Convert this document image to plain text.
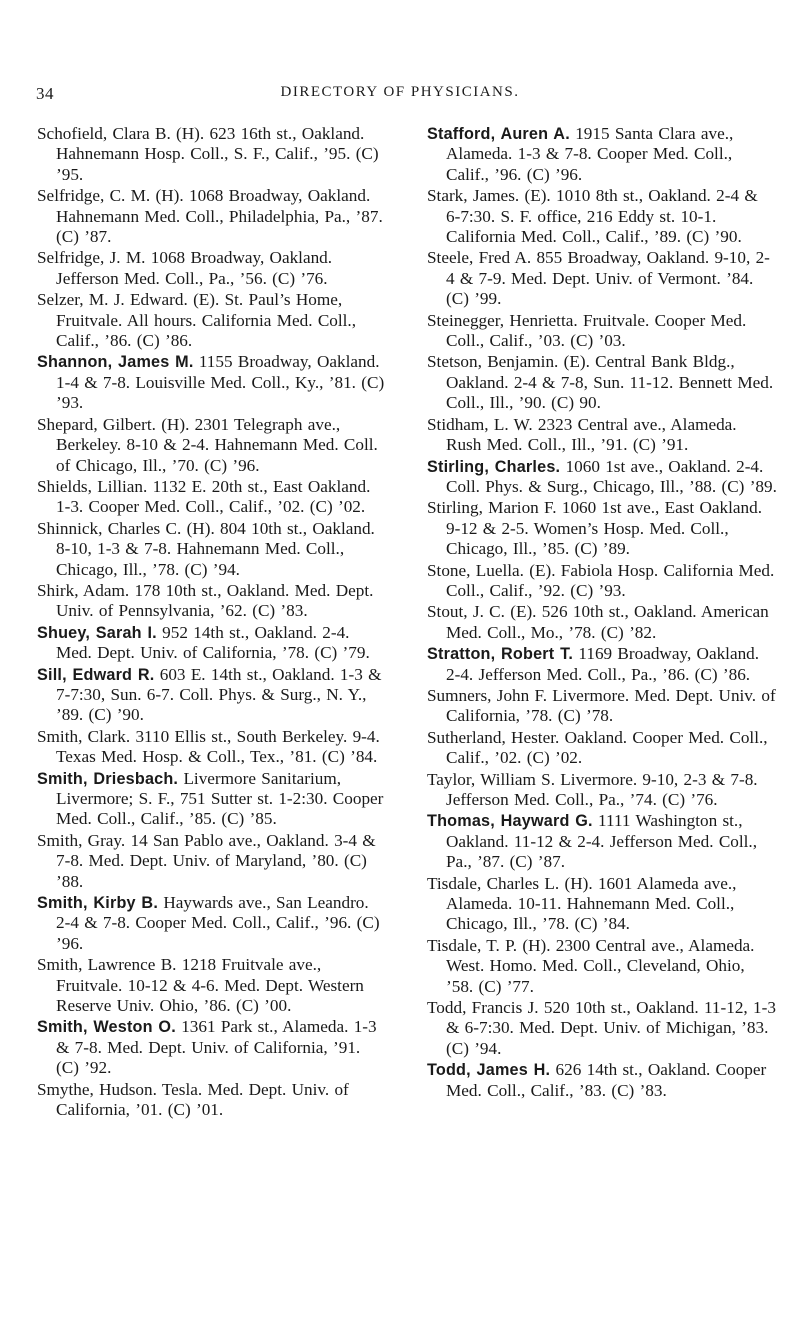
34	DIRECTORY OF PHYSICIANS.

Schofield, Clara B. (H). 623 16th st., Oakland. Hahnemann Hosp. Coll., S. F., Calif., ’95. (C) ’95.

Selfridge, C. M. (H). 1068 Broadway, Oakland. Hahnemann Med. Coll., Philadelphia, Pa., ’87. (C) ’87.

Selfridge, J. M. 1068 Broadway, Oakland. Jefferson Med. Coll., Pa., ’56. (C) ’76.

Selzer, M. J. Edward. (E). St. Paul’s Home, Fruitvale. All hours. California Med. Coll., Calif., ’86. (C) ’86.

Shannon, James M. 1155 Broadway, Oakland. 1-4 & 7-8. Louisville Med. Coll., Ky., ’81. (C) ’93.

Shepard, Gilbert. (H). 2301 Telegraph ave., Berkeley. 8-10 & 2-4. Hahnemann Med. Coll. of Chicago, Ill., ’70. (C) ’96.

Shields, Lillian. 1132 E. 20th st., East Oakland. 1-3. Cooper Med. Coll., Calif., ’02. (C) ’02.

Shinnick, Charles C. (H). 804 10th st., Oakland. 8-10, 1-3 & 7-8. Hahnemann Med. Coll., Chicago, Ill., ’78. (C) ’94.

Shirk, Adam. 178 10th st., Oakland. Med. Dept. Univ. of Pennsylvania, ’62. (C) ’83.

Shuey, Sarah I. 952 14th st., Oakland. 2-4. Med. Dept. Univ. of California, ’78. (C) ’79.

Sill, Edward R. 603 E. 14th st., Oakland. 1-3 & 7-7:30, Sun. 6-7. Coll. Phys. & Surg., N. Y., ’89. (C) ’90.

Smith, Clark. 3110 Ellis st., South Berkeley. 9-4. Texas Med. Hosp. & Coll., Tex., ’81. (C) ’84.

Smith, Driesbach. Livermore Sanitarium, Livermore; S. F., 751 Sutter st. 1-2:30. Cooper Med. Coll., Calif., ’85. (C) ’85.

Smith, Gray. 14 San Pablo ave., Oakland. 3-4 & 7-8. Med. Dept. Univ. of Maryland, ’80. (C) ’88.

Smith, Kirby B. Haywards ave., San Leandro. 2-4 & 7-8. Cooper Med. Coll., Calif., ’96. (C) ’96.

Smith, Lawrence B. 1218 Fruitvale ave., Fruitvale. 10-12 & 4-6. Med. Dept. Western Reserve Univ. Ohio, ’86. (C) ’00.

Smith, Weston O. 1361 Park st., Alameda. 1-3 & 7-8. Med. Dept. Univ. of California, ’91. (C) ’92.

Smythe, Hudson. Tesla. Med. Dept. Univ. of California, ’01. (C) ’01.

Stafford, Auren A. 1915 Santa Clara ave., Alameda. 1-3 & 7-8. Cooper Med. Coll., Calif., ’96. (C) ’96.

Stark, James. (E). 1010 8th st., Oakland. 2-4 & 6-7:30. S. F. office, 216 Eddy st. 10-1. California Med. Coll., Calif., ’89. (C) ’90.

Steele, Fred A. 855 Broadway, Oakland. 9-10, 2-4 & 7-9. Med. Dept. Univ. of Vermont. ’84. (C) ’99.

Steinegger, Henrietta. Fruitvale. Cooper Med. Coll., Calif., ’03. (C) ’03.

Stetson, Benjamin. (E). Central Bank Bldg., Oakland. 2-4 & 7-8, Sun. 11-12. Bennett Med. Coll., Ill., ’90. (C) 90.

Stidham, L. W. 2323 Central ave., Alameda. Rush Med. Coll., Ill., ’91. (C) ’91.

Stirling, Charles. 1060 1st ave., Oakland. 2-4. Coll. Phys. & Surg., Chicago, Ill., ’88. (C) ’89.

Stirling, Marion F. 1060 1st ave., East Oakland. 9-12 & 2-5. Women’s Hosp. Med. Coll., Chicago, Ill., ’85. (C) ’89.

Stone, Luella. (E). Fabiola Hosp. California Med. Coll., Calif., ’92. (C) ’93.

Stout, J. C. (E). 526 10th st., Oakland. American Med. Coll., Mo., ’78. (C) ’82.

Stratton, Robert T. 1169 Broadway, Oakland. 2-4. Jefferson Med. Coll., Pa., ’86. (C) ’86.

Sumners, John F. Livermore. Med. Dept. Univ. of California, ’78. (C) ’78.

Sutherland, Hester. Oakland. Cooper Med. Coll., Calif., ’02. (C) ’02.

Taylor, William S. Livermore. 9-10, 2-3 & 7-8. Jefferson Med. Coll., Pa., ’74. (C) ’76.

Thomas, Hayward G. 1111 Washington st., Oakland. 11-12 & 2-4. Jefferson Med. Coll., Pa., ’87. (C) ’87.

Tisdale, Charles L. (H). 1601 Alameda ave., Alameda. 10-11. Hahnemann Med. Coll., Chicago, Ill., ’78. (C) ’84.

Tisdale, T. P. (H). 2300 Central ave., Alameda. West. Homo. Med. Coll., Cleveland, Ohio, ’58. (C) ’77.

Todd, Francis J. 520 10th st., Oakland. 11-12, 1-3 & 6-7:30. Med. Dept. Univ. of Michigan, ’83. (C) ’94.

Todd, James H. 626 14th st., Oakland. Cooper Med. Coll., Calif., ’83. (C) ’83.
